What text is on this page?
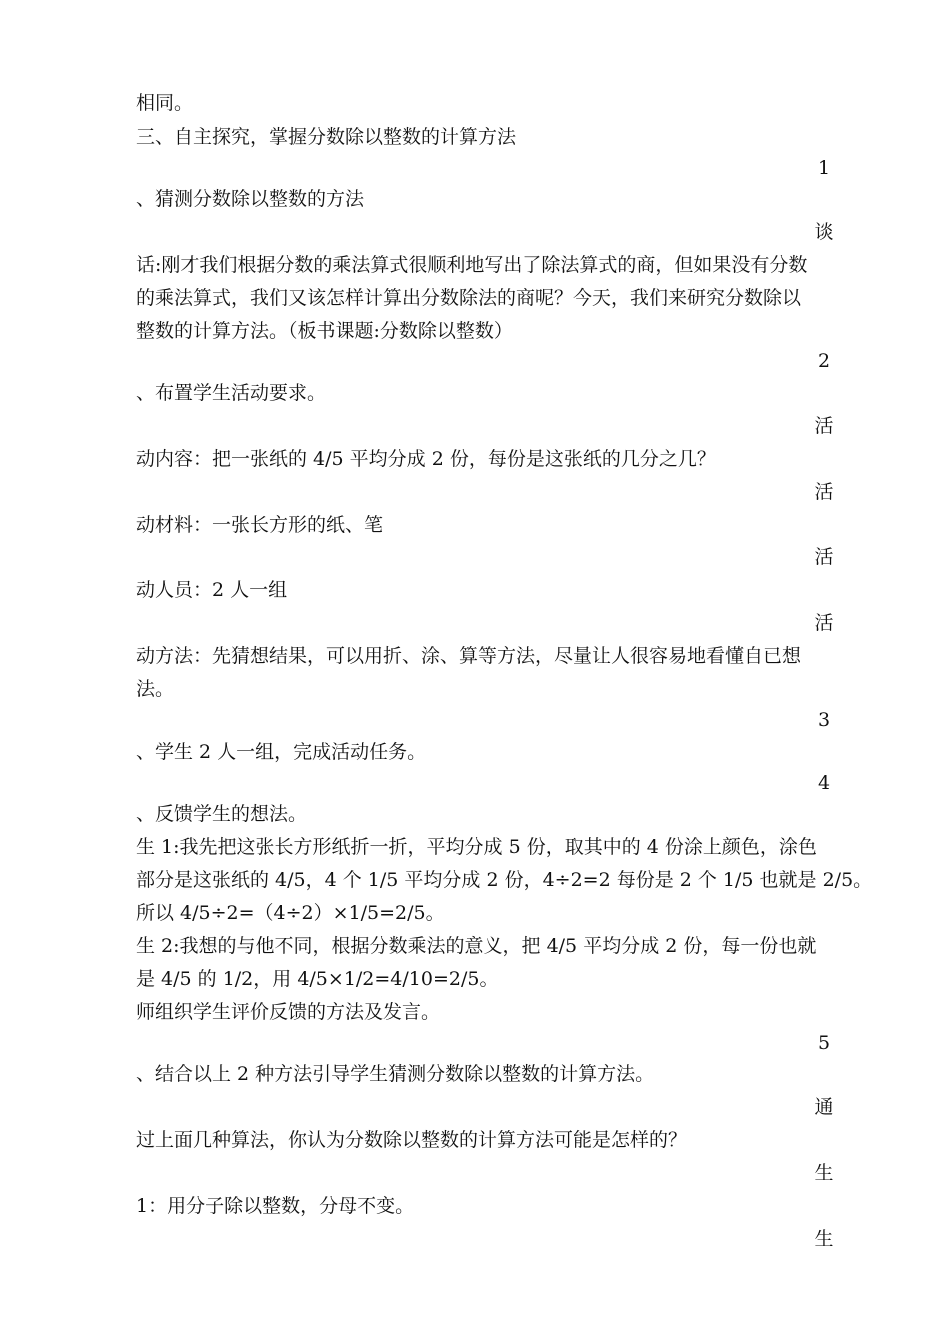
相同。
三、自主探究，掌握分数除以整数的计算方法
1
、猜测分数除以整数的方法
谈
话:刚才我们根据分数的乘法算式很顺利地写出了除法算式的商，但如果没有分数
的乘法算式，我们又该怎样计算出分数除法的商呢？今天，我们来研究分数除以
整数的计算方法。（板书课题:分数除以整数）
2
、布置学生活动要求。
活
动内容：把一张纸的 4/5 平均分成 2 份，每份是这张纸的几分之几？
活
动材料：一张长方形的纸、笔
活
动人员：2 人一组
活
动方法：先猜想结果，可以用折、涂、算等方法，尽量让人很容易地看懂自已想
法。
3
、学生 2 人一组，完成活动任务。
4
、反馈学生的想法。
生 1:我先把这张长方形纸折一折，平均分成 5 份，取其中的 4 份涂上颜色，涂色
部分是这张纸的 4/5，4 个 1/5 平均分成 2 份，4÷2=2 每份是 2 个 1/5 也就是 2/5。
所以 4/5÷2=（4÷2）×1/5=2/5。
生 2:我想的与他不同，根据分数乘法的意义，把 4/5 平均分成 2 份，每一份也就
是 4/5 的 1/2，用 4/5×1/2=4/10=2/5。
师组织学生评价反馈的方法及发言。
5
、结合以上 2 种方法引导学生猜测分数除以整数的计算方法。
通
过上面几种算法，你认为分数除以整数的计算方法可能是怎样的？
生
1：用分子除以整数，分母不变。
生
